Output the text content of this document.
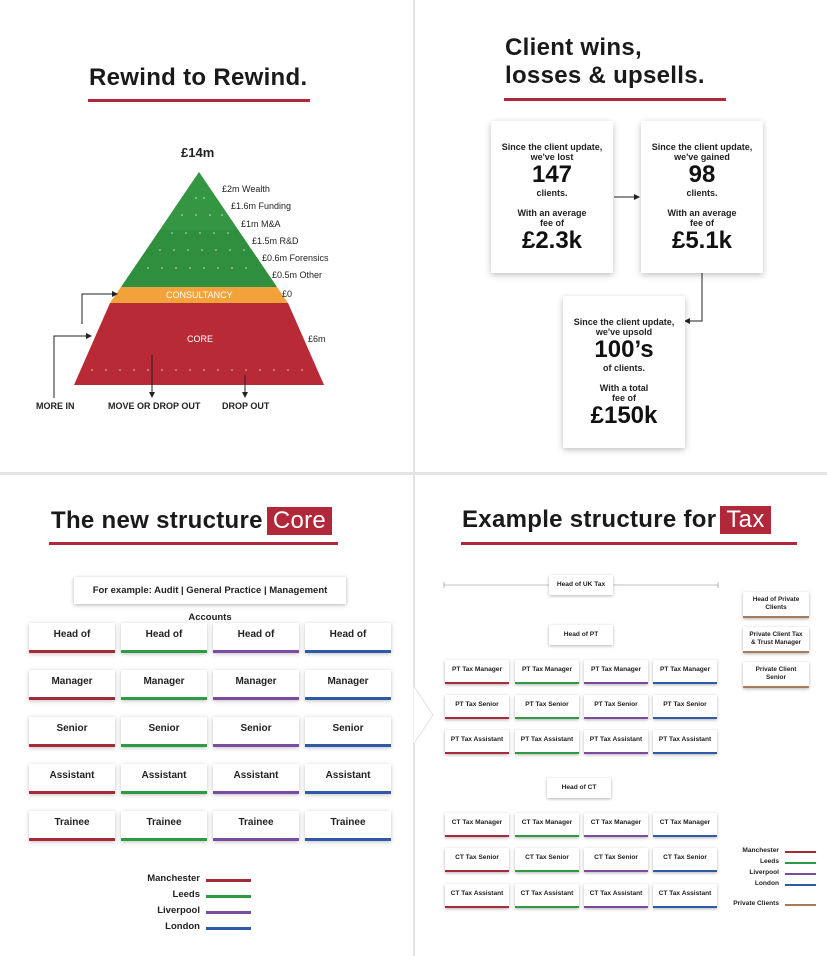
Rewind to Rewind.
£14m
£2m Wealth
£1.6m Funding
£1m M&A
£1.5m R&D
£0.6m Forensics
£0.5m Other
£0
£6m
CONSULTANCY
CORE
MORE IN	MOVE OR DROP OUT DROP OUT
Client wins,
losses & upsells.
Since the client update,
we've lost
147
clients.
With an average
fee of
£2.3k
Since the client update,
we've gained
98
clients.
With an average
fee of
£5.1k
Since the client update,
we've upsold
100’s
of clients.
With a total
fee of
£150k
The new structure Core
For example: Audit | General Practice | Management Accounts
Head of	Head of	Head of	Head of
Manager	Manager	Manager	Manager
Senior	Senior	Senior	Senior
Assistant	Assistant	Assistant	Assistant
Trainee	Trainee	Trainee	Trainee
Manchester
Leeds
Liverpool
London
Example structure for Tax
Head of UK Tax
Head of PT
Head of CT
PT Tax Manager	PT Tax Manager	PT Tax Manager	PT Tax Manager
PT Tax Senior	PT Tax Senior	PT Tax Senior	PT Tax Senior
PT Tax Assistant	PT Tax Assistant	PT Tax Assistant	PT Tax Assistant
CT Tax Manager	CT Tax Manager	CT Tax Manager	CT Tax Manager
CT Tax Senior	CT Tax Senior	CT Tax Senior	CT Tax Senior
CT Tax Assistant	CT Tax Assistant	CT Tax Assistant	CT Tax Assistant
Head of Private
Clients
Private Client Tax
& Trust Manager
Private Client
Senior
Manchester
Leeds
Liverpool
London
Private Clients
